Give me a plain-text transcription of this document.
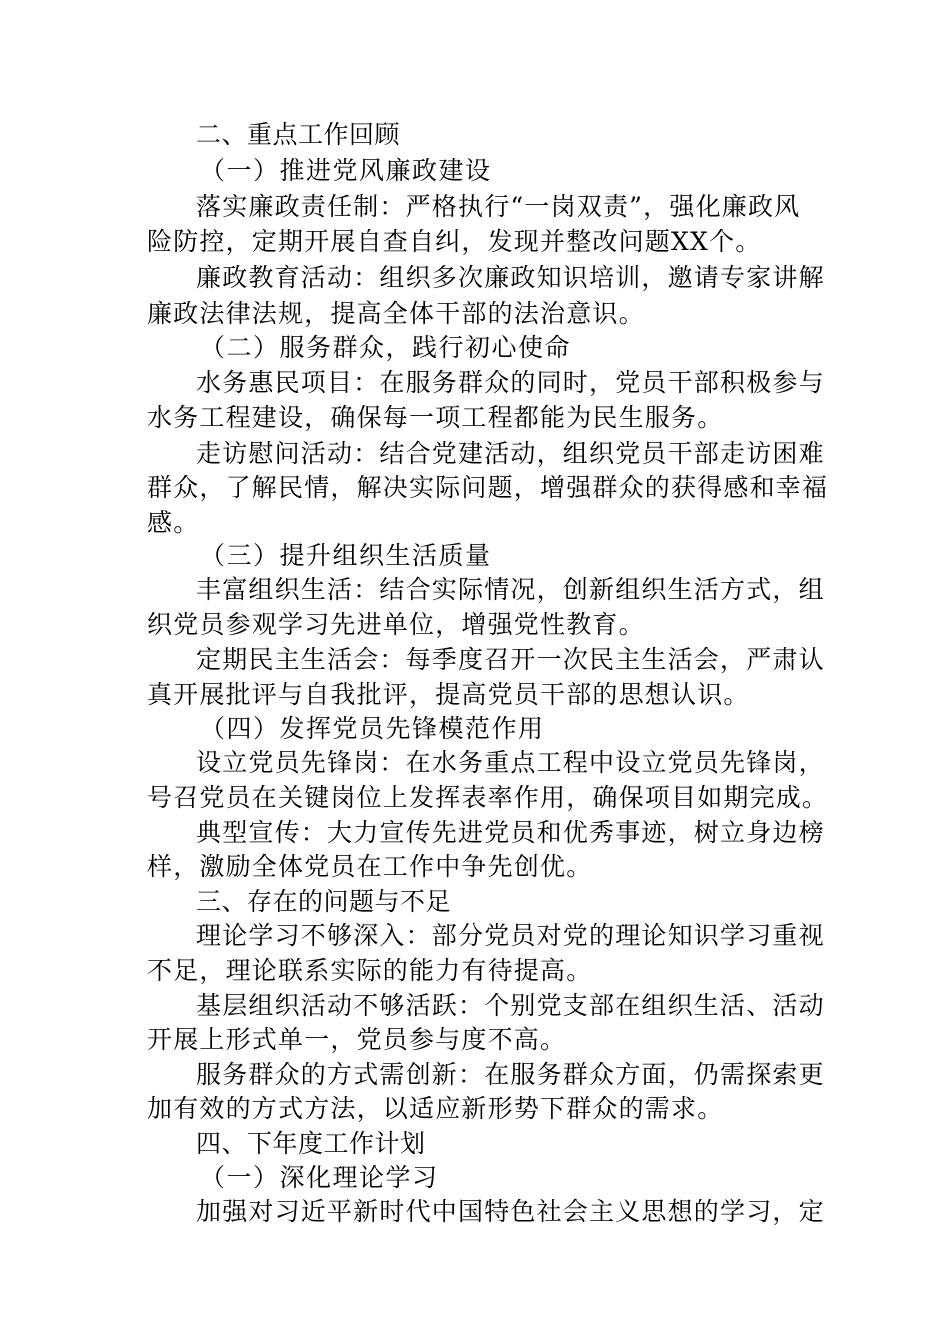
二、重点工作回顾
（一）推进党风廉政建设
落实廉政责任制：严格执行“一岗双责”，强化廉政风
险防控，定期开展自查自纠，发现并整改问题XX个。
廉政教育活动：组织多次廉政知识培训，邀请专家讲解
廉政法律法规，提高全体干部的法治意识。
（二）服务群众，践行初心使命
水务惠民项目：在服务群众的同时，党员干部积极参与
水务工程建设，确保每一项工程都能为民生服务。
走访慰问活动：结合党建活动，组织党员干部走访困难
群众，了解民情，解决实际问题，增强群众的获得感和幸福
感。
（三）提升组织生活质量
丰富组织生活：结合实际情况，创新组织生活方式，组
织党员参观学习先进单位，增强党性教育。
定期民主生活会：每季度召开一次民主生活会，严肃认
真开展批评与自我批评，提高党员干部的思想认识。
（四）发挥党员先锋模范作用
设立党员先锋岗：在水务重点工程中设立党员先锋岗，
号召党员在关键岗位上发挥表率作用，确保项目如期完成。
典型宣传：大力宣传先进党员和优秀事迹，树立身边榜
样，激励全体党员在工作中争先创优。
三、存在的问题与不足
理论学习不够深入：部分党员对党的理论知识学习重视
不足，理论联系实际的能力有待提高。
基层组织活动不够活跃：个别党支部在组织生活、活动
开展上形式单一，党员参与度不高。
服务群众的方式需创新：在服务群众方面，仍需探索更
加有效的方式方法，以适应新形势下群众的需求。
四、下年度工作计划
（一）深化理论学习
加强对习近平新时代中国特色社会主义思想的学习，定
